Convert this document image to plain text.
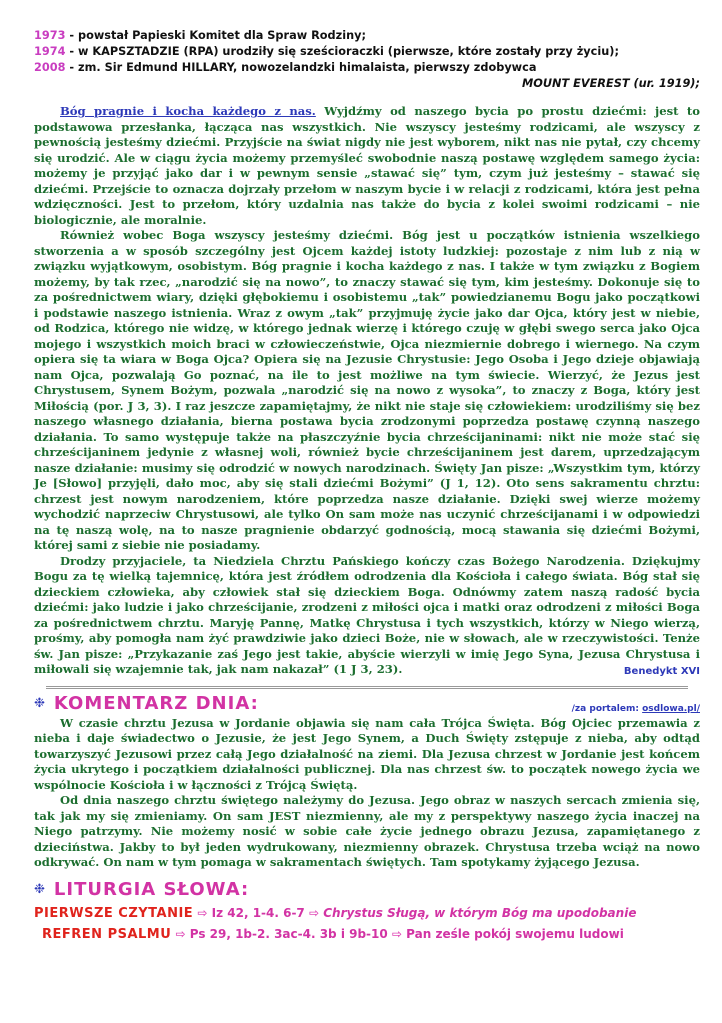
1973 - powstał Papieski Komitet dla Spraw Rodziny;
1974 - w KAPSZTADZIE (RPA) urodziły się sześcioraczki (pierwsze, które zostały przy życiu);
2008 - zm. Sir Edmund HILLARY, nowozelandzki himalaista, pierwszy zdobywca
MOUNT EVEREST (ur. 1919);

Bóg pragnie i kocha każdego z nas. Wyjdźmy od naszego bycia po prostu dziećmi: jest to podstawowa przesłanka, łącząca nas wszystkich. Nie wszyscy jesteśmy rodzicami, ale wszyscy z pewnością jesteśmy dziećmi. Przyjście na świat nigdy nie jest wyborem, nikt nas nie pytał, czy chcemy się urodzić. Ale w ciągu życia możemy przemyśleć swobodnie naszą postawę względem samego życia: możemy je przyjąć jako dar i w pewnym sensie „stawać się” tym, czym już jesteśmy – stawać się dziećmi. Przejście to oznacza dojrzały przełom w naszym bycie i w relacji z rodzicami, która jest pełna wdzięczności. Jest to przełom, który uzdalnia nas także do bycia z kolei swoimi rodzicami – nie biologicznie, ale moralnie.

Również wobec Boga wszyscy jesteśmy dziećmi. Bóg jest u początków istnienia wszelkiego stworzenia a w sposób szczególny jest Ojcem każdej istoty ludzkiej: pozostaje z nim lub z nią w związku wyjątkowym, osobistym. Bóg pragnie i kocha każdego z nas. I także w tym związku z Bogiem możemy, by tak rzec, „narodzić się na nowo”, to znaczy stawać się tym, kim jesteśmy. Dokonuje się to za pośrednictwem wiary, dzięki głębokiemu i osobistemu „tak” powiedzianemu Bogu jako początkowi i podstawie naszego istnienia. Wraz z owym „tak” przyjmuję życie jako dar Ojca, który jest w niebie, od Rodzica, którego nie widzę, w którego jednak wierzę i którego czuję w głębi swego serca jako Ojca mojego i wszystkich moich braci w człowieczeństwie, Ojca niezmiernie dobrego i wiernego. Na czym opiera się ta wiara w Boga Ojca? Opiera się na Jezusie Chrystusie: Jego Osoba i Jego dzieje objawiają nam Ojca, pozwalają Go poznać, na ile to jest możliwe na tym świecie. Wierzyć, że Jezus jest Chrystusem, Synem Bożym, pozwala „narodzić się na nowo z wysoka”, to znaczy z Boga, który jest Miłością (por. J 3, 3). I raz jeszcze zapamiętajmy, że nikt nie staje się człowiekiem: urodziliśmy się bez naszego własnego działania, bierna postawa bycia zrodzonymi poprzedza postawę czynną naszego działania. To samo występuje także na płaszczyźnie bycia chrześcijaninami: nikt nie może stać się chrześcijaninem jedynie z własnej woli, również bycie chrześcijaninem jest darem, uprzedzającym nasze działanie: musimy się odrodzić w nowych narodzinach. Święty Jan pisze: „Wszystkim tym, którzy Je [Słowo] przyjęli, dało moc, aby się stali dziećmi Bożymi” (J 1, 12). Oto sens sakramentu chrztu: chrzest jest nowym narodzeniem, które poprzedza nasze działanie. Dzięki swej wierze możemy wychodzić naprzeciw Chrystusowi, ale tylko On sam może nas uczynić chrześcijanami i w odpowiedzi na tę naszą wolę, na to nasze pragnienie obdarzyć godnością, mocą stawania się dziećmi Bożymi, której sami z siebie nie posiadamy.

Drodzy przyjaciele, ta Niedziela Chrztu Pańskiego kończy czas Bożego Narodzenia. Dziękujmy Bogu za tę wielką tajemnicę, która jest źródłem odrodzenia dla Kościoła i całego świata. Bóg stał się dzieckiem człowieka, aby człowiek stał się dzieckiem Boga. Odnówmy zatem naszą radość bycia dziećmi: jako ludzie i jako chrześcijanie, zrodzeni z miłości ojca i matki oraz odrodzeni z miłości Boga za pośrednictwem chrztu. Maryję Pannę, Matkę Chrystusa i tych wszystkich, którzy w Niego wierzą, prośmy, aby pomogła nam żyć prawdziwie jako dzieci Boże, nie w słowach, ale w rzeczywistości. Tenże św. Jan pisze: „Przykazanie zaś Jego jest takie, abyście wierzyli w imię Jego Syna, Jezusa Chrystusa i miłowali się wzajemnie tak, jak nam nakazał” (1 J 3, 23).	Benedykt XVI

❉ KOMENTARZ DNIA:	/za portalem: osdlowa.pl/

W czasie chrztu Jezusa w Jordanie objawia się nam cała Trójca Święta. Bóg Ojciec przemawia z nieba i daje świadectwo o Jezusie, że jest Jego Synem, a Duch Święty zstępuje z nieba, aby odtąd towarzyszyć Jezusowi przez całą Jego działalność na ziemi. Dla Jezusa chrzest w Jordanie jest końcem życia ukrytego i początkiem działalności publicznej. Dla nas chrzest św. to początek nowego życia we wspólnocie Kościoła i w łączności z Trójcą Świętą.

Od dnia naszego chrztu świętego należymy do Jezusa. Jego obraz w naszych sercach zmienia się, tak jak my się zmieniamy. On sam JEST niezmienny, ale my z perspektywy naszego życia inaczej na Niego patrzymy. Nie możemy nosić w sobie całe życie jednego obrazu Jezusa, zapamiętanego z dzieciństwa. Jakby to był jeden wydrukowany, niezmienny obrazek. Chrystusa trzeba wciąż na nowo odkrywać. On nam w tym pomaga w sakramentach świętych. Tam spotykamy żyjącego Jezusa.

❉ LITURGIA SŁOWA:
PIERWSZE CZYTANIE ⇨ Iz 42, 1-4. 6-7 ⇨ Chrystus Sługą, w którym Bóg ma upodobanie
REFREN PSALMU ⇨ Ps 29, 1b-2. 3ac-4. 3b i 9b-10 ⇨ Pan ześle pokój swojemu ludowi
